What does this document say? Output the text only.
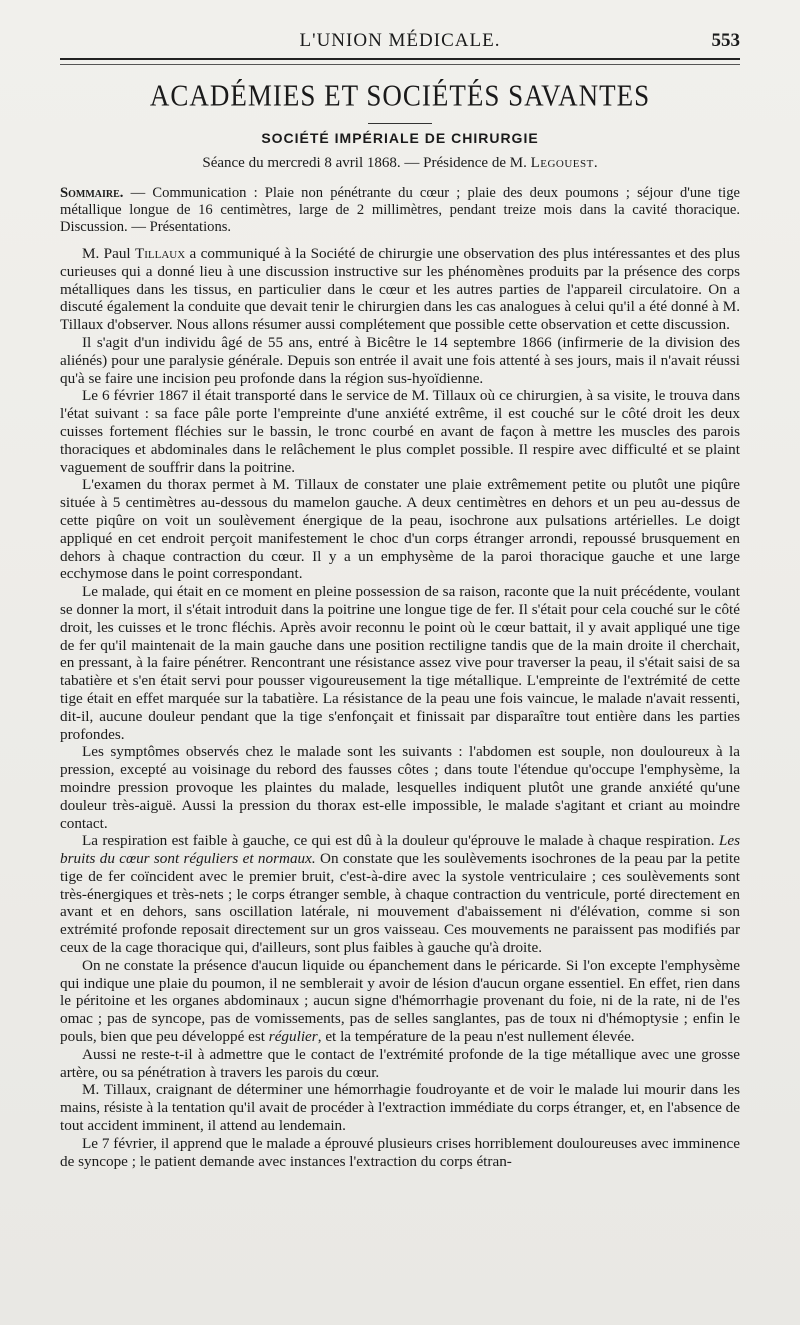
L'UNION MÉDICALE.	553
ACADÉMIES ET SOCIÉTÉS SAVANTES
SOCIÉTÉ IMPÉRIALE DE CHIRURGIE
Séance du mercredi 8 avril 1868. — Présidence de M. Legouest.
Sommaire. — Communication : Plaie non pénétrante du cœur ; plaie des deux poumons ; séjour d'une tige métallique longue de 16 centimètres, large de 2 millimètres, pendant treize mois dans la cavité thoracique. Discussion. — Présentations.

M. Paul Tillaux a communiqué à la Société de chirurgie une observation des plus intéressantes et des plus curieuses qui a donné lieu à une discussion instructive sur les phénomènes produits par la présence des corps métalliques dans les tissus, en particulier dans le cœur et les autres parties de l'appareil circulatoire. On a discuté également la conduite que devait tenir le chirurgien dans les cas analogues à celui qu'il a été donné à M. Tillaux d'observer. Nous allons résumer aussi complétement que possible cette observation et cette discussion.

Il s'agit d'un individu âgé de 55 ans, entré à Bicêtre le 14 septembre 1866 (infirmerie de la division des aliénés) pour une paralysie générale. Depuis son entrée il avait une fois attenté à ses jours, mais il n'avait réussi qu'à se faire une incision peu profonde dans la région sus-hyoïdienne.

Le 6 février 1867 il était transporté dans le service de M. Tillaux où ce chirurgien, à sa visite, le trouva dans l'état suivant : sa face pâle porte l'empreinte d'une anxiété extrême, il est couché sur le côté droit les deux cuisses fortement fléchies sur le bassin, le tronc courbé en avant de façon à mettre les muscles des parois thoraciques et abdominales dans le relâchement le plus complet possible. Il respire avec difficulté et se plaint vaguement de souffrir dans la poitrine.

L'examen du thorax permet à M. Tillaux de constater une plaie extrêmement petite ou plutôt une piqûre située à 5 centimètres au-dessous du mamelon gauche. A deux centimètres en dehors et un peu au-dessus de cette piqûre on voit un soulèvement énergique de la peau, isochrone aux pulsations artérielles. Le doigt appliqué en cet endroit perçoit manifestement le choc d'un corps étranger arrondi, repoussé brusquement en dehors à chaque contraction du cœur. Il y a un emphysème de la paroi thoracique gauche et une large ecchymose dans le point correspondant.

Le malade, qui était en ce moment en pleine possession de sa raison, raconte que la nuit précédente, voulant se donner la mort, il s'était introduit dans la poitrine une longue tige de fer. Il s'était pour cela couché sur le côté droit, les cuisses et le tronc fléchis. Après avoir reconnu le point où le cœur battait, il y avait appliqué une tige de fer qu'il maintenait de la main gauche dans une position rectiligne tandis que de la main droite il cherchait, en pressant, à la faire pénétrer. Rencontrant une résistance assez vive pour traverser la peau, il s'était saisi de sa tabatière et s'en était servi pour pousser vigoureusement la tige métallique. L'empreinte de l'extrémité de cette tige était en effet marquée sur la tabatière. La résistance de la peau une fois vaincue, le malade n'avait ressenti, dit-il, aucune douleur pendant que la tige s'enfonçait et finissait par disparaître tout entière dans les parties profondes.

Les symptômes observés chez le malade sont les suivants : l'abdomen est souple, non douloureux à la pression, excepté au voisinage du rebord des fausses côtes ; dans toute l'étendue qu'occupe l'emphysème, la moindre pression provoque les plaintes du malade, lesquelles indiquent plutôt une grande anxiété qu'une douleur très-aiguë. Aussi la pression du thorax est-elle impossible, le malade s'agitant et criant au moindre contact.

La respiration est faible à gauche, ce qui est dû à la douleur qu'éprouve le malade à chaque respiration. Les bruits du cœur sont réguliers et normaux. On constate que les soulèvements isochrones de la peau par la petite tige de fer coïncident avec le premier bruit, c'est-à-dire avec la systole ventriculaire ; ces soulèvements sont très-énergiques et très-nets ; le corps étranger semble, à chaque contraction du ventricule, porté directement en avant et en dehors, sans oscillation latérale, ni mouvement d'abaissement ni d'élévation, comme si son extrémité profonde reposait directement sur un gros vaisseau. Ces mouvements ne paraissent pas modifiés par ceux de la cage thoracique qui, d'ailleurs, sont plus faibles à gauche qu'à droite.

On ne constate la présence d'aucun liquide ou épanchement dans le péricarde. Si l'on excepte l'emphysème qui indique une plaie du poumon, il ne semblerait y avoir de lésion d'aucun organe essentiel. En effet, rien dans le péritoine et les organes abdominaux ; aucun signe d'hémorrhagie provenant du foie, ni de la rate, ni de l'es omac ; pas de syncope, pas de vomissements, pas de selles sanglantes, pas de toux ni d'hémoptysie ; enfin le pouls, bien que peu développé est régulier, et la température de la peau n'est nullement élevée.

Aussi ne reste-t-il à admettre que le contact de l'extrémité profonde de la tige métallique avec une grosse artère, ou sa pénétration à travers les parois du cœur.

M. Tillaux, craignant de déterminer une hémorrhagie foudroyante et de voir le malade lui mourir dans les mains, résiste à la tentation qu'il avait de procéder à l'extraction immédiate du corps étranger, et, en l'absence de tout accident imminent, il attend au lendemain.

Le 7 février, il apprend que le malade a éprouvé plusieurs crises horriblement douloureuses avec imminence de syncope ; le patient demande avec instances l'extraction du corps étran-
